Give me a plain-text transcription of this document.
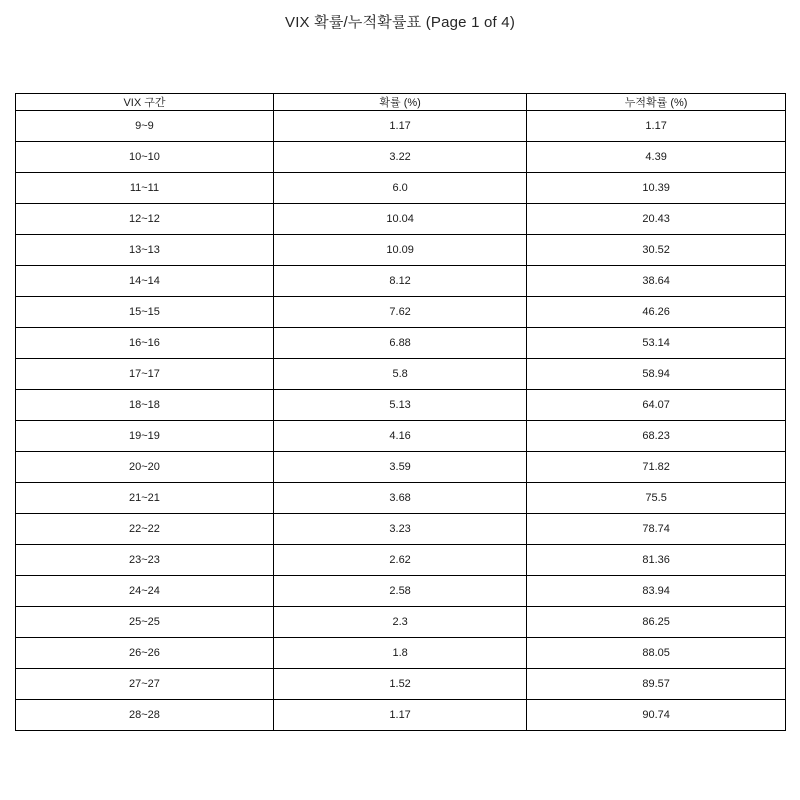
VIX 확률/누적확률표 (Page 1 of 4)
VIX 구간	확률 (%)	누적확률 (%)
9~9	1.17	1.17
10~10	3.22	4.39
11~11	6.0	10.39
12~12	10.04	20.43
13~13	10.09	30.52
14~14	8.12	38.64
15~15	7.62	46.26
16~16	6.88	53.14
17~17	5.8	58.94
18~18	5.13	64.07
19~19	4.16	68.23
20~20	3.59	71.82
21~21	3.68	75.5
22~22	3.23	78.74
23~23	2.62	81.36
24~24	2.58	83.94
25~25	2.3	86.25
26~26	1.8	88.05
27~27	1.52	89.57
28~28	1.17	90.74
